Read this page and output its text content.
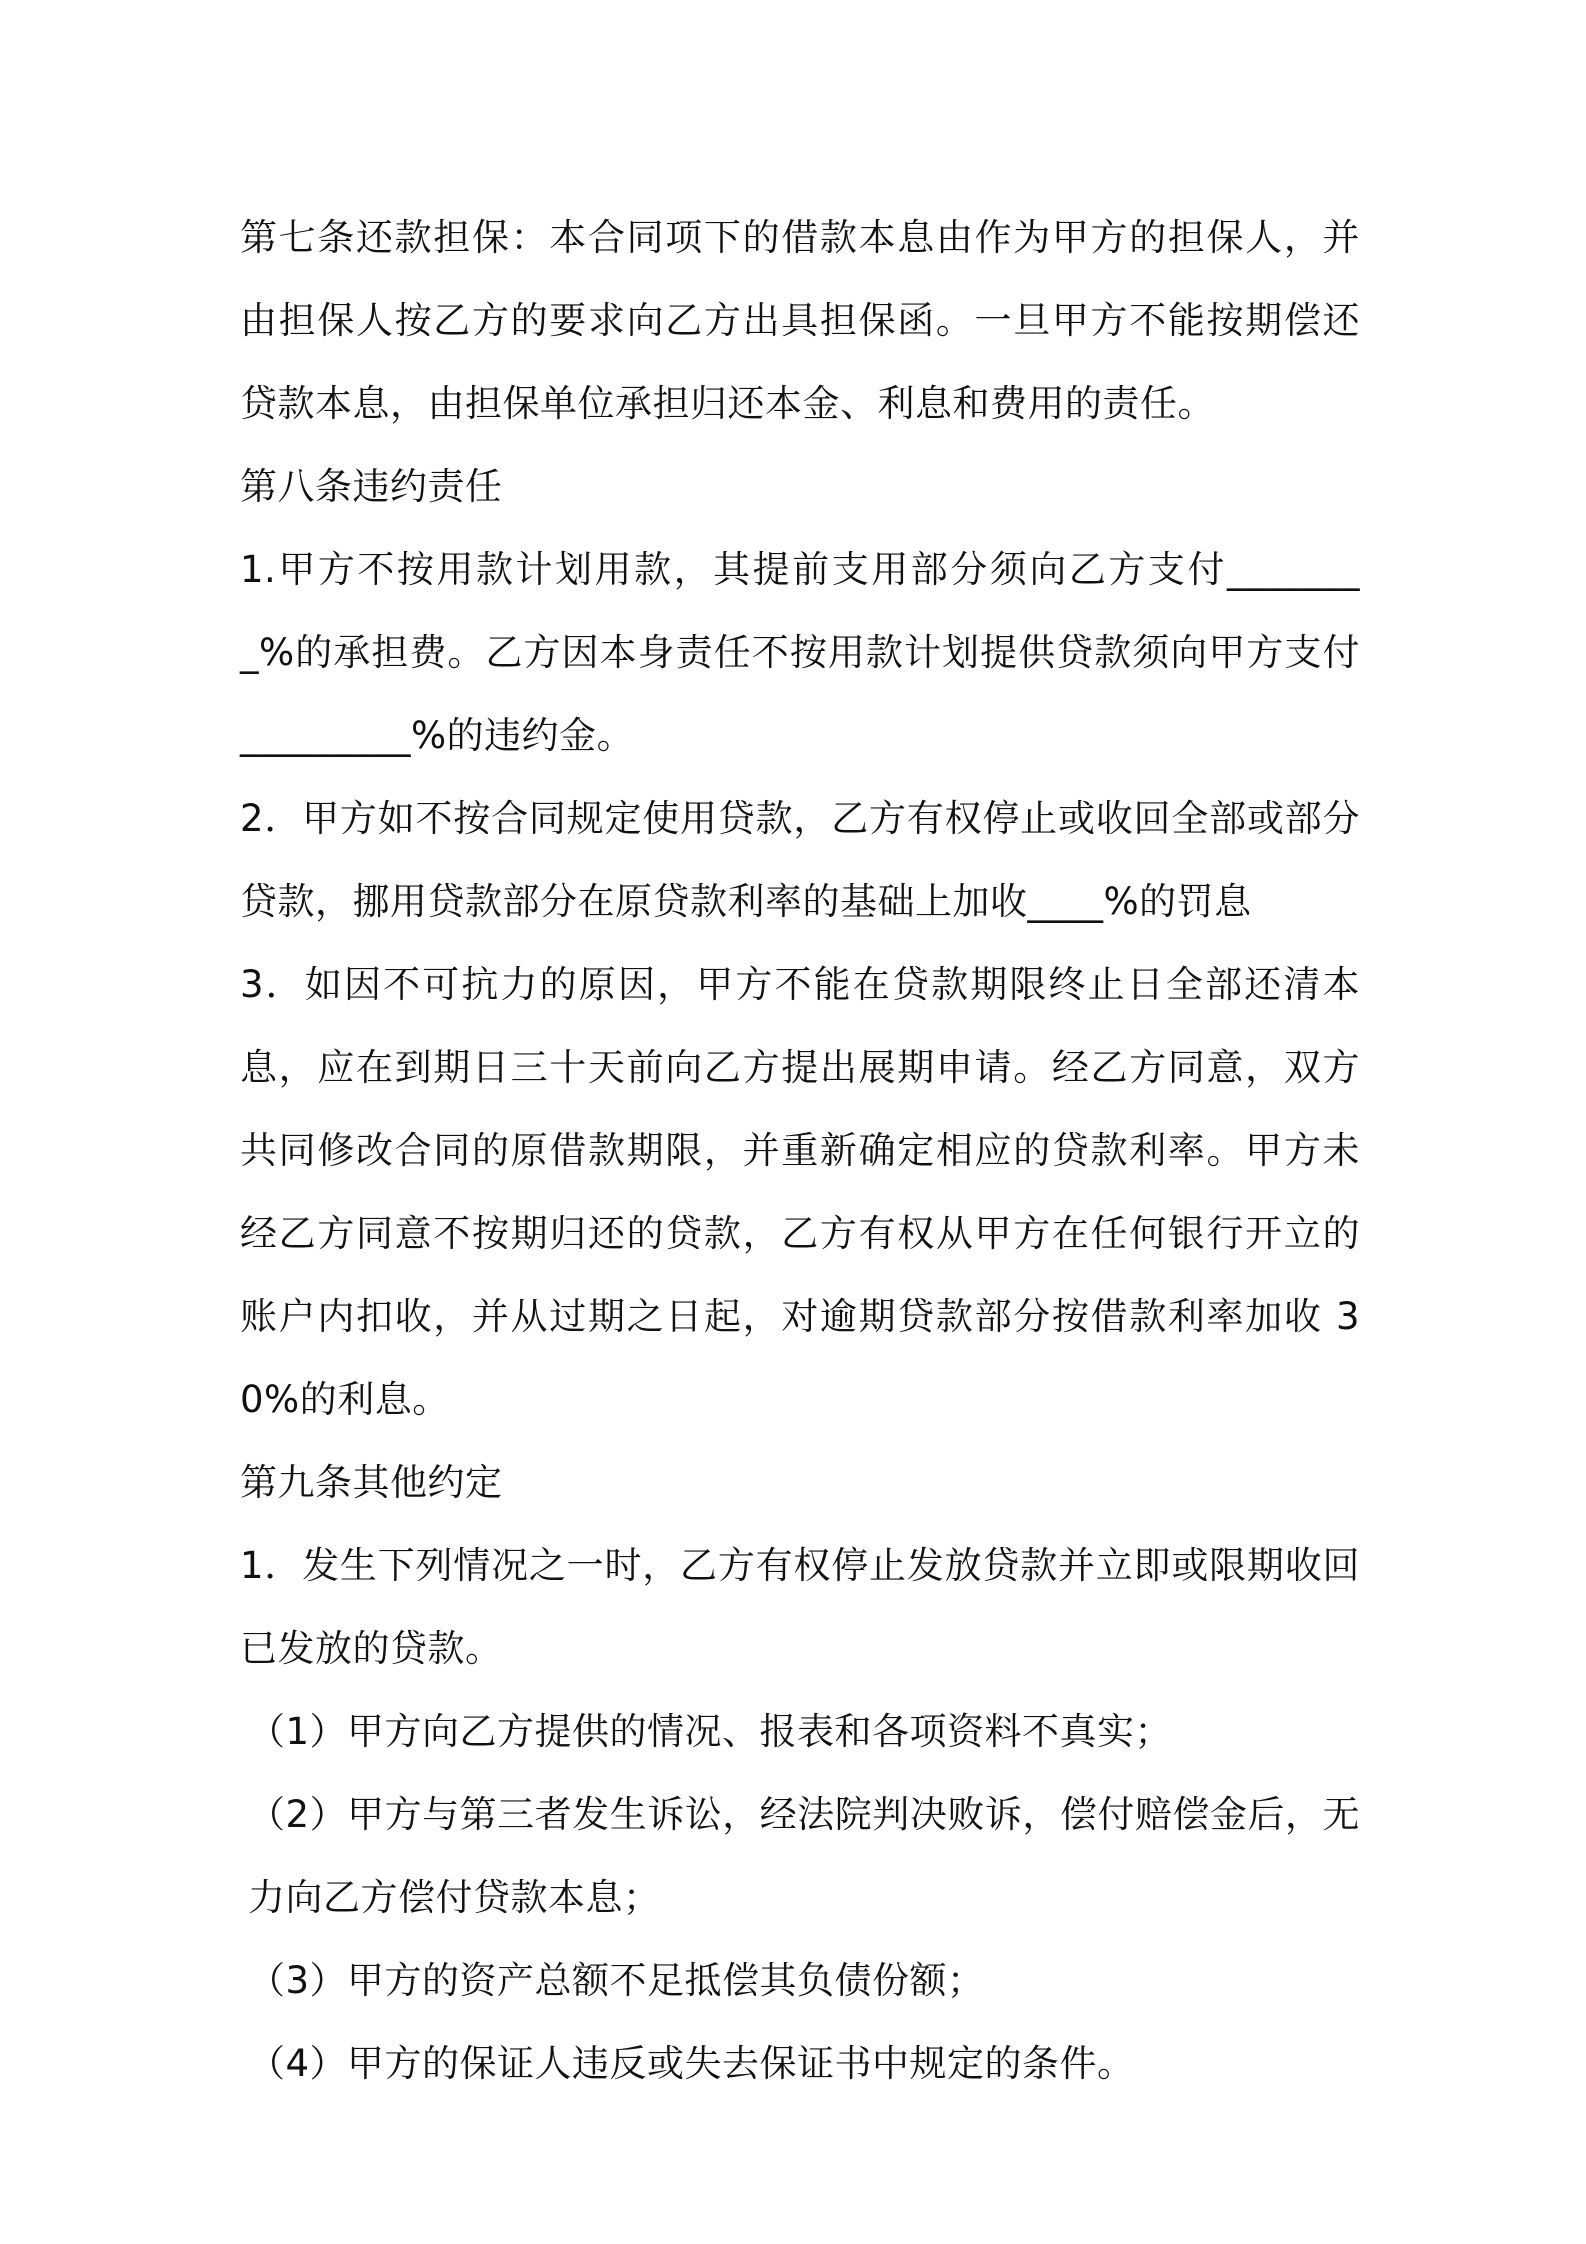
第七条还款担保：本合同项下的借款本息由作为甲方的担保人，并由担保人按乙方的要求向乙方出具担保函。一旦甲方不能按期偿还贷款本息，由担保单位承担归还本金、利息和费用的责任。

第八条违约责任

1.甲方不按用款计划用款，其提前支用部分须向乙方支付________%的承担费。乙方因本身责任不按用款计划提供贷款须向甲方支付_________%的违约金。

2．甲方如不按合同规定使用贷款，乙方有权停止或收回全部或部分贷款，挪用贷款部分在原贷款利率的基础上加收____%的罚息

3．如因不可抗力的原因，甲方不能在贷款期限终止日全部还清本息，应在到期日三十天前向乙方提出展期申请。经乙方同意，双方共同修改合同的原借款期限，并重新确定相应的贷款利率。甲方未经乙方同意不按期归还的贷款，乙方有权从甲方在任何银行开立的账户内扣收，并从过期之日起，对逾期贷款部分按借款利率加收 30%的利息。

第九条其他约定

1．发生下列情况之一时，乙方有权停止发放贷款并立即或限期收回已发放的贷款。

（1）甲方向乙方提供的情况、报表和各项资料不真实；

（2）甲方与第三者发生诉讼，经法院判决败诉，偿付赔偿金后，无力向乙方偿付贷款本息；

（3）甲方的资产总额不足抵偿其负债份额；

（4）甲方的保证人违反或失去保证书中规定的条件。
